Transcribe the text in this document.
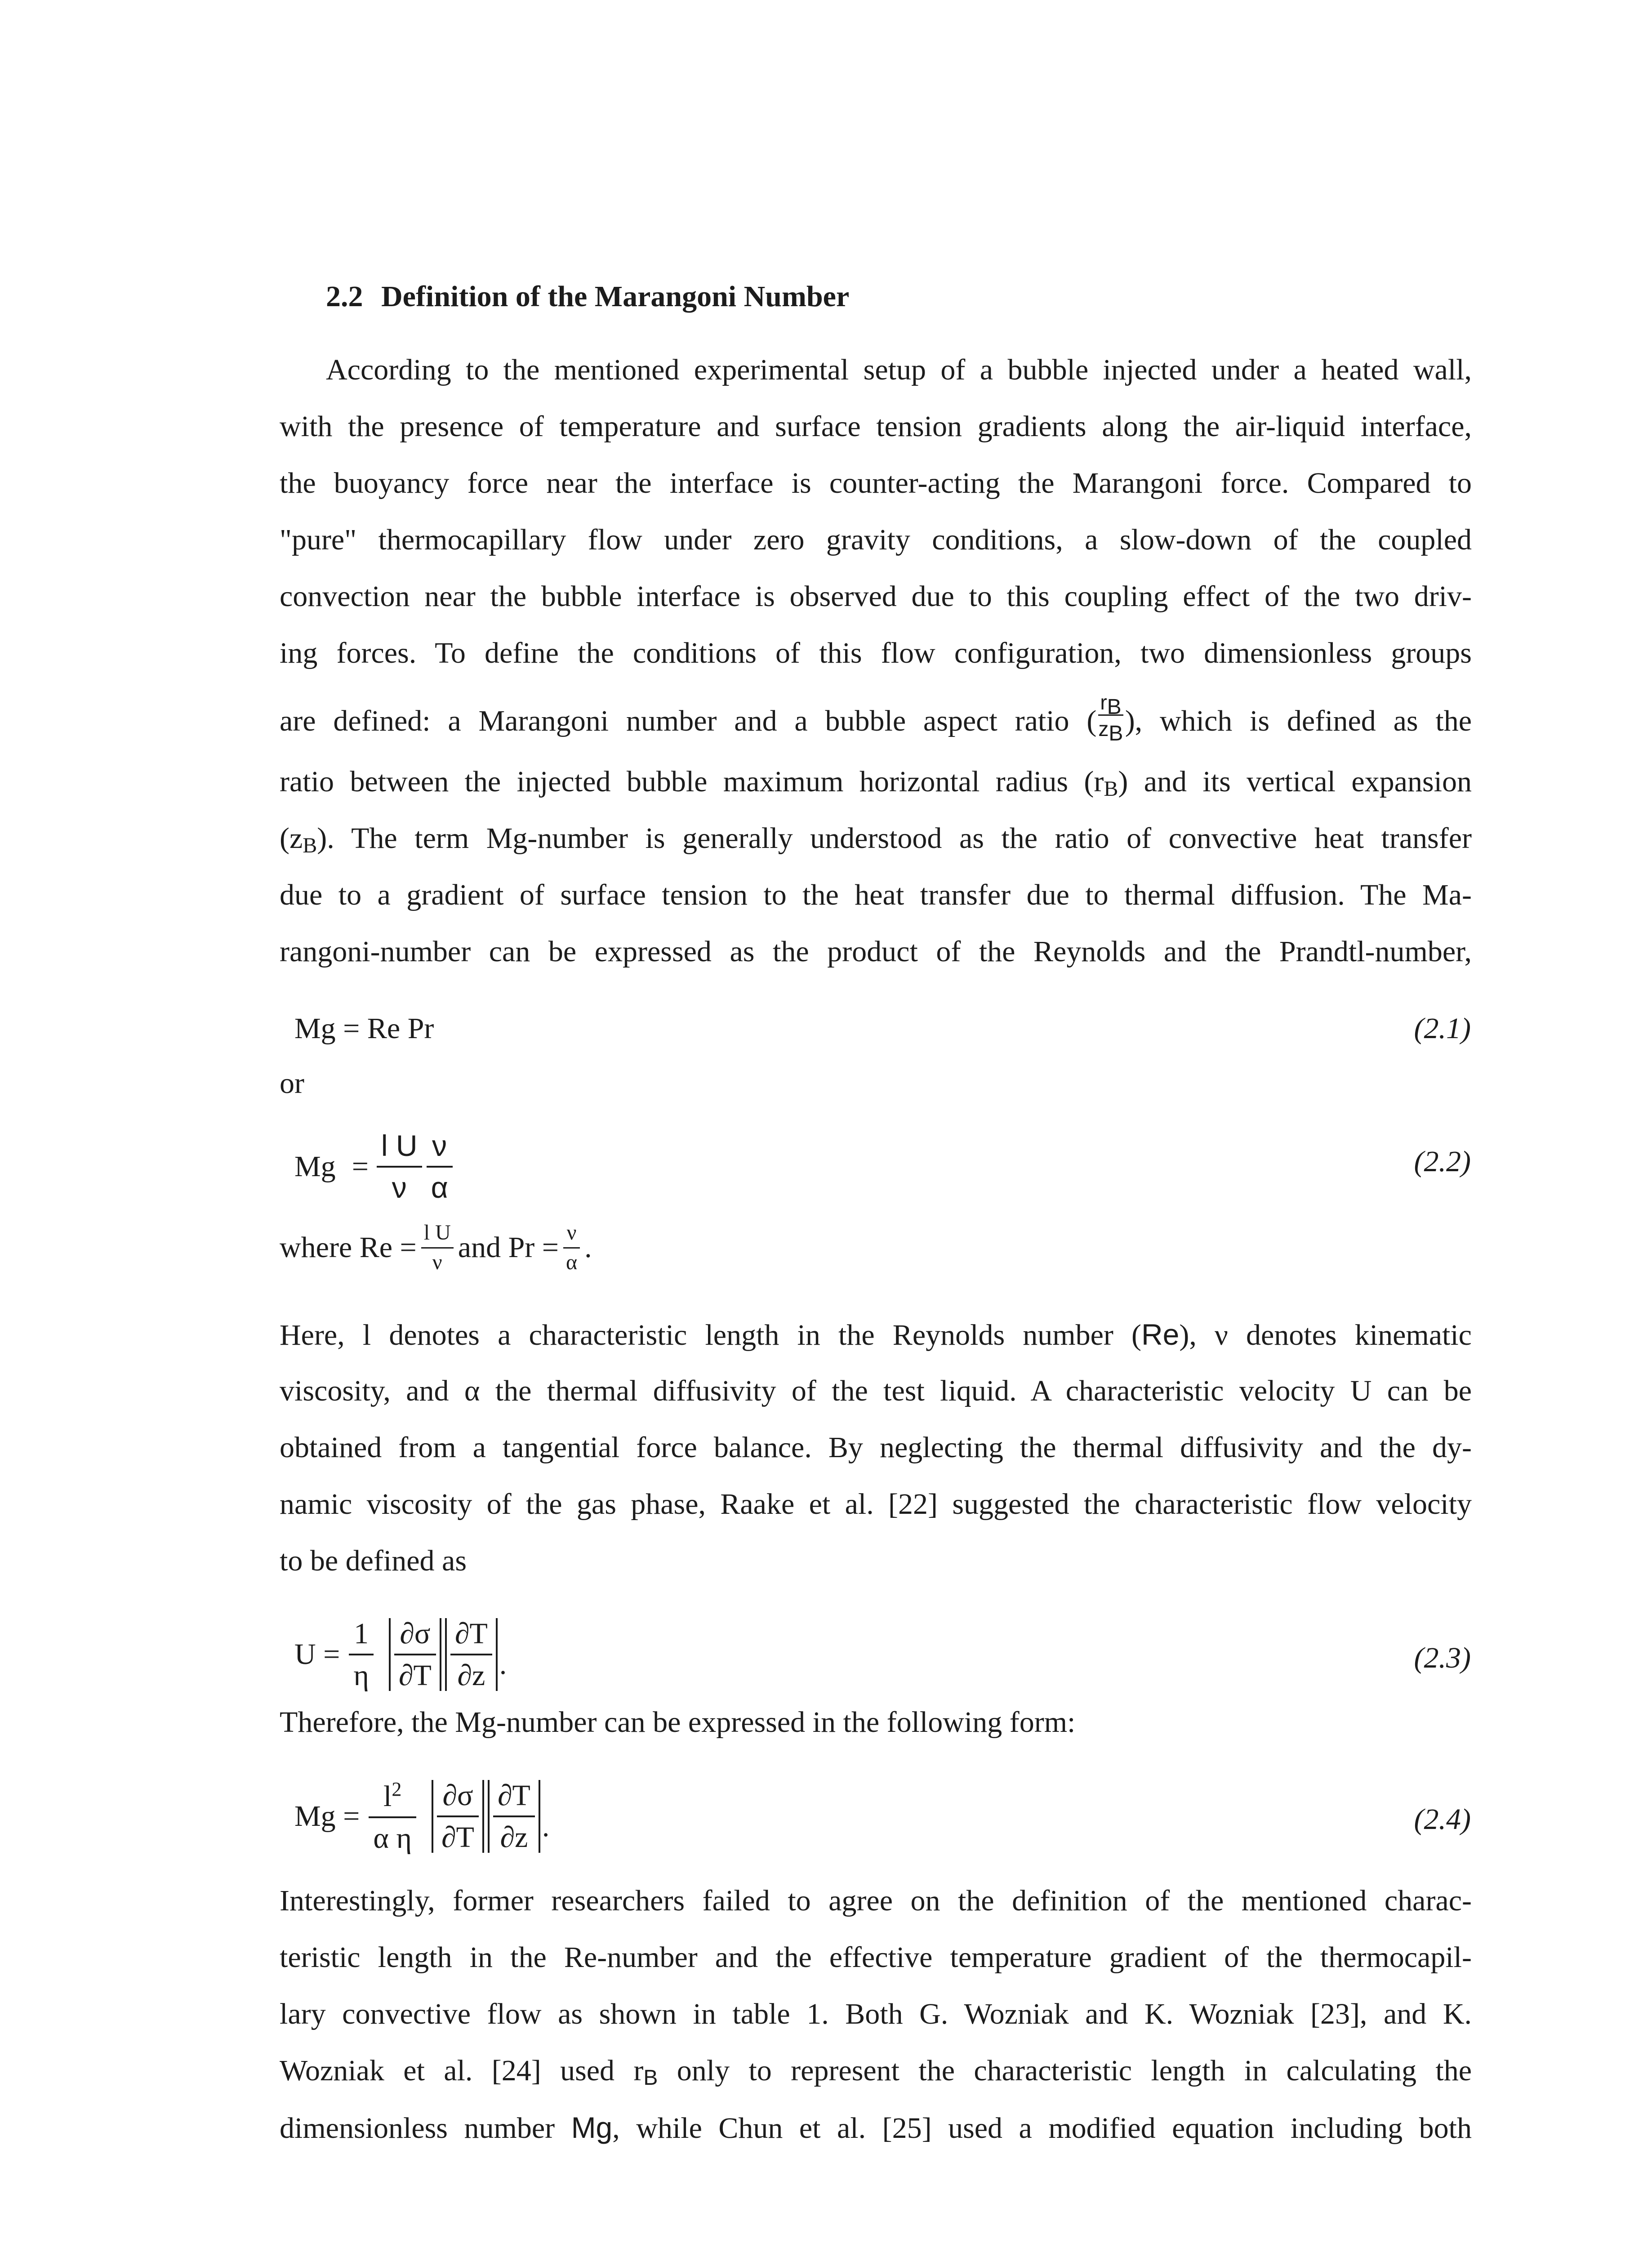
2.2 Definition of the Marangoni Number
According to the mentioned experimental setup of a bubble injected under a heated wall,
with the presence of temperature and surface tension gradients along the air-liquid interface,
the buoyancy force near the interface is counter-acting the Marangoni force. Compared to
"pure" thermocapillary flow under zero gravity conditions, a slow-down of the coupled
convection near the bubble interface is observed due to this coupling effect of the two driv-
ing forces. To define the conditions of this flow configuration, two dimensionless groups
are defined: a Marangoni number and a bubble aspect ratio ( $\frac{r_B}{z_B}$ ), which is defined as the
ratio between the injected bubble maximum horizontal radius $(r_B)$ and its vertical expansion
$(z_B)$. The term Mg-number is generally understood as the ratio of convective heat transfer
due to a gradient of surface tension to the heat transfer due to thermal diffusion. The Ma-
rangoni-number can be expressed as the product of the Reynolds and the Prandtl-number,
Mg = Re Pr	(2.1)
or
$Mg = \frac{\text{l U}}{\nu} \frac{\nu}{\alpha}$	(2.2)
where $Re = \frac{\text{l U}}{\nu}$ and $Pr = \frac{\nu}{\alpha}$ .
Here, l denotes a characteristic length in the Reynolds number (Re), ν denotes kinematic
viscosity, and α the thermal diffusivity of the test liquid. A characteristic velocity U can be
obtained from a tangential force balance. By neglecting the thermal diffusivity and the dy-
namic viscosity of the gas phase, Raake et al. [22] suggested the characteristic flow velocity
to be defined as
$U = \frac{1}{\eta} \frac{\partial\sigma}{\partial T} \frac{\partial T}{\partial z}$ .	(2.3)
Therefore, the Mg-number can be expressed in the following form:
$Mg = \frac{l^2}{\text{α η}} \frac{\partial\sigma}{\partial T} \frac{\partial T}{\partial z}$ .	(2.4)
Interestingly, former researchers failed to agree on the definition of the mentioned charac-
teristic length in the Re-number and the effective temperature gradient of the thermocapil-
lary convective flow as shown in table 1. Both G. Wozniak and K. Wozniak [23], and K.
Wozniak et al. [24] used $r_B$ only to represent the characteristic length in calculating the
dimensionless number Mg, while Chun et al. [25] used a modified equation including both
